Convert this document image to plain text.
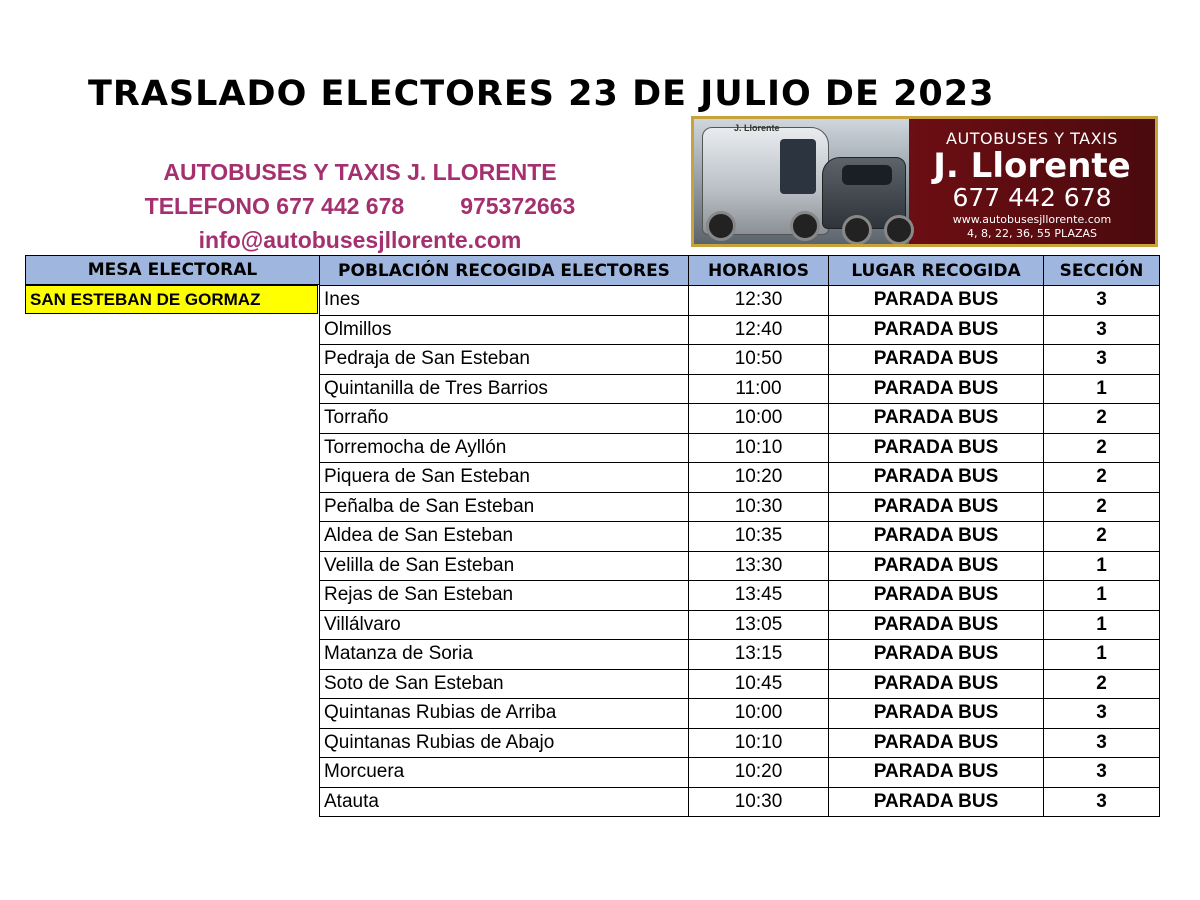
TRASLADO ELECTORES 23 DE JULIO DE 2023
AUTOBUSES Y TAXIS J. LLORENTE
TELEFONO 677 442 678 975372663
info@autobusesjllorente.com
J. Llorente
AUTOBUSES Y TAXIS
J. Llorente
677 442 678
www.autobusesjllorente.com
4, 8, 22, 36, 55 PLAZAS
MESA ELECTORAL
SAN ESTEBAN DE GORMAZ
POBLACIÓN RECOGIDA ELECTORES	HORARIOS	LUGAR RECOGIDA	SECCIÓN
Ines	12:30	PARADA BUS	3
Olmillos	12:40	PARADA BUS	3
Pedraja de San Esteban	10:50	PARADA BUS	3
Quintanilla de Tres Barrios	11:00	PARADA BUS	1
Torraño	10:00	PARADA BUS	2
Torremocha de Ayllón	10:10	PARADA BUS	2
Piquera de San Esteban	10:20	PARADA BUS	2
Peñalba de San Esteban	10:30	PARADA BUS	2
Aldea de San Esteban	10:35	PARADA BUS	2
Velilla de San Esteban	13:30	PARADA BUS	1
Rejas de San Esteban	13:45	PARADA BUS	1
Villálvaro	13:05	PARADA BUS	1
Matanza de Soria	13:15	PARADA BUS	1
Soto de San Esteban	10:45	PARADA BUS	2
Quintanas Rubias de Arriba	10:00	PARADA BUS	3
Quintanas Rubias de Abajo	10:10	PARADA BUS	3
Morcuera	10:20	PARADA BUS	3
Atauta	10:30	PARADA BUS	3
